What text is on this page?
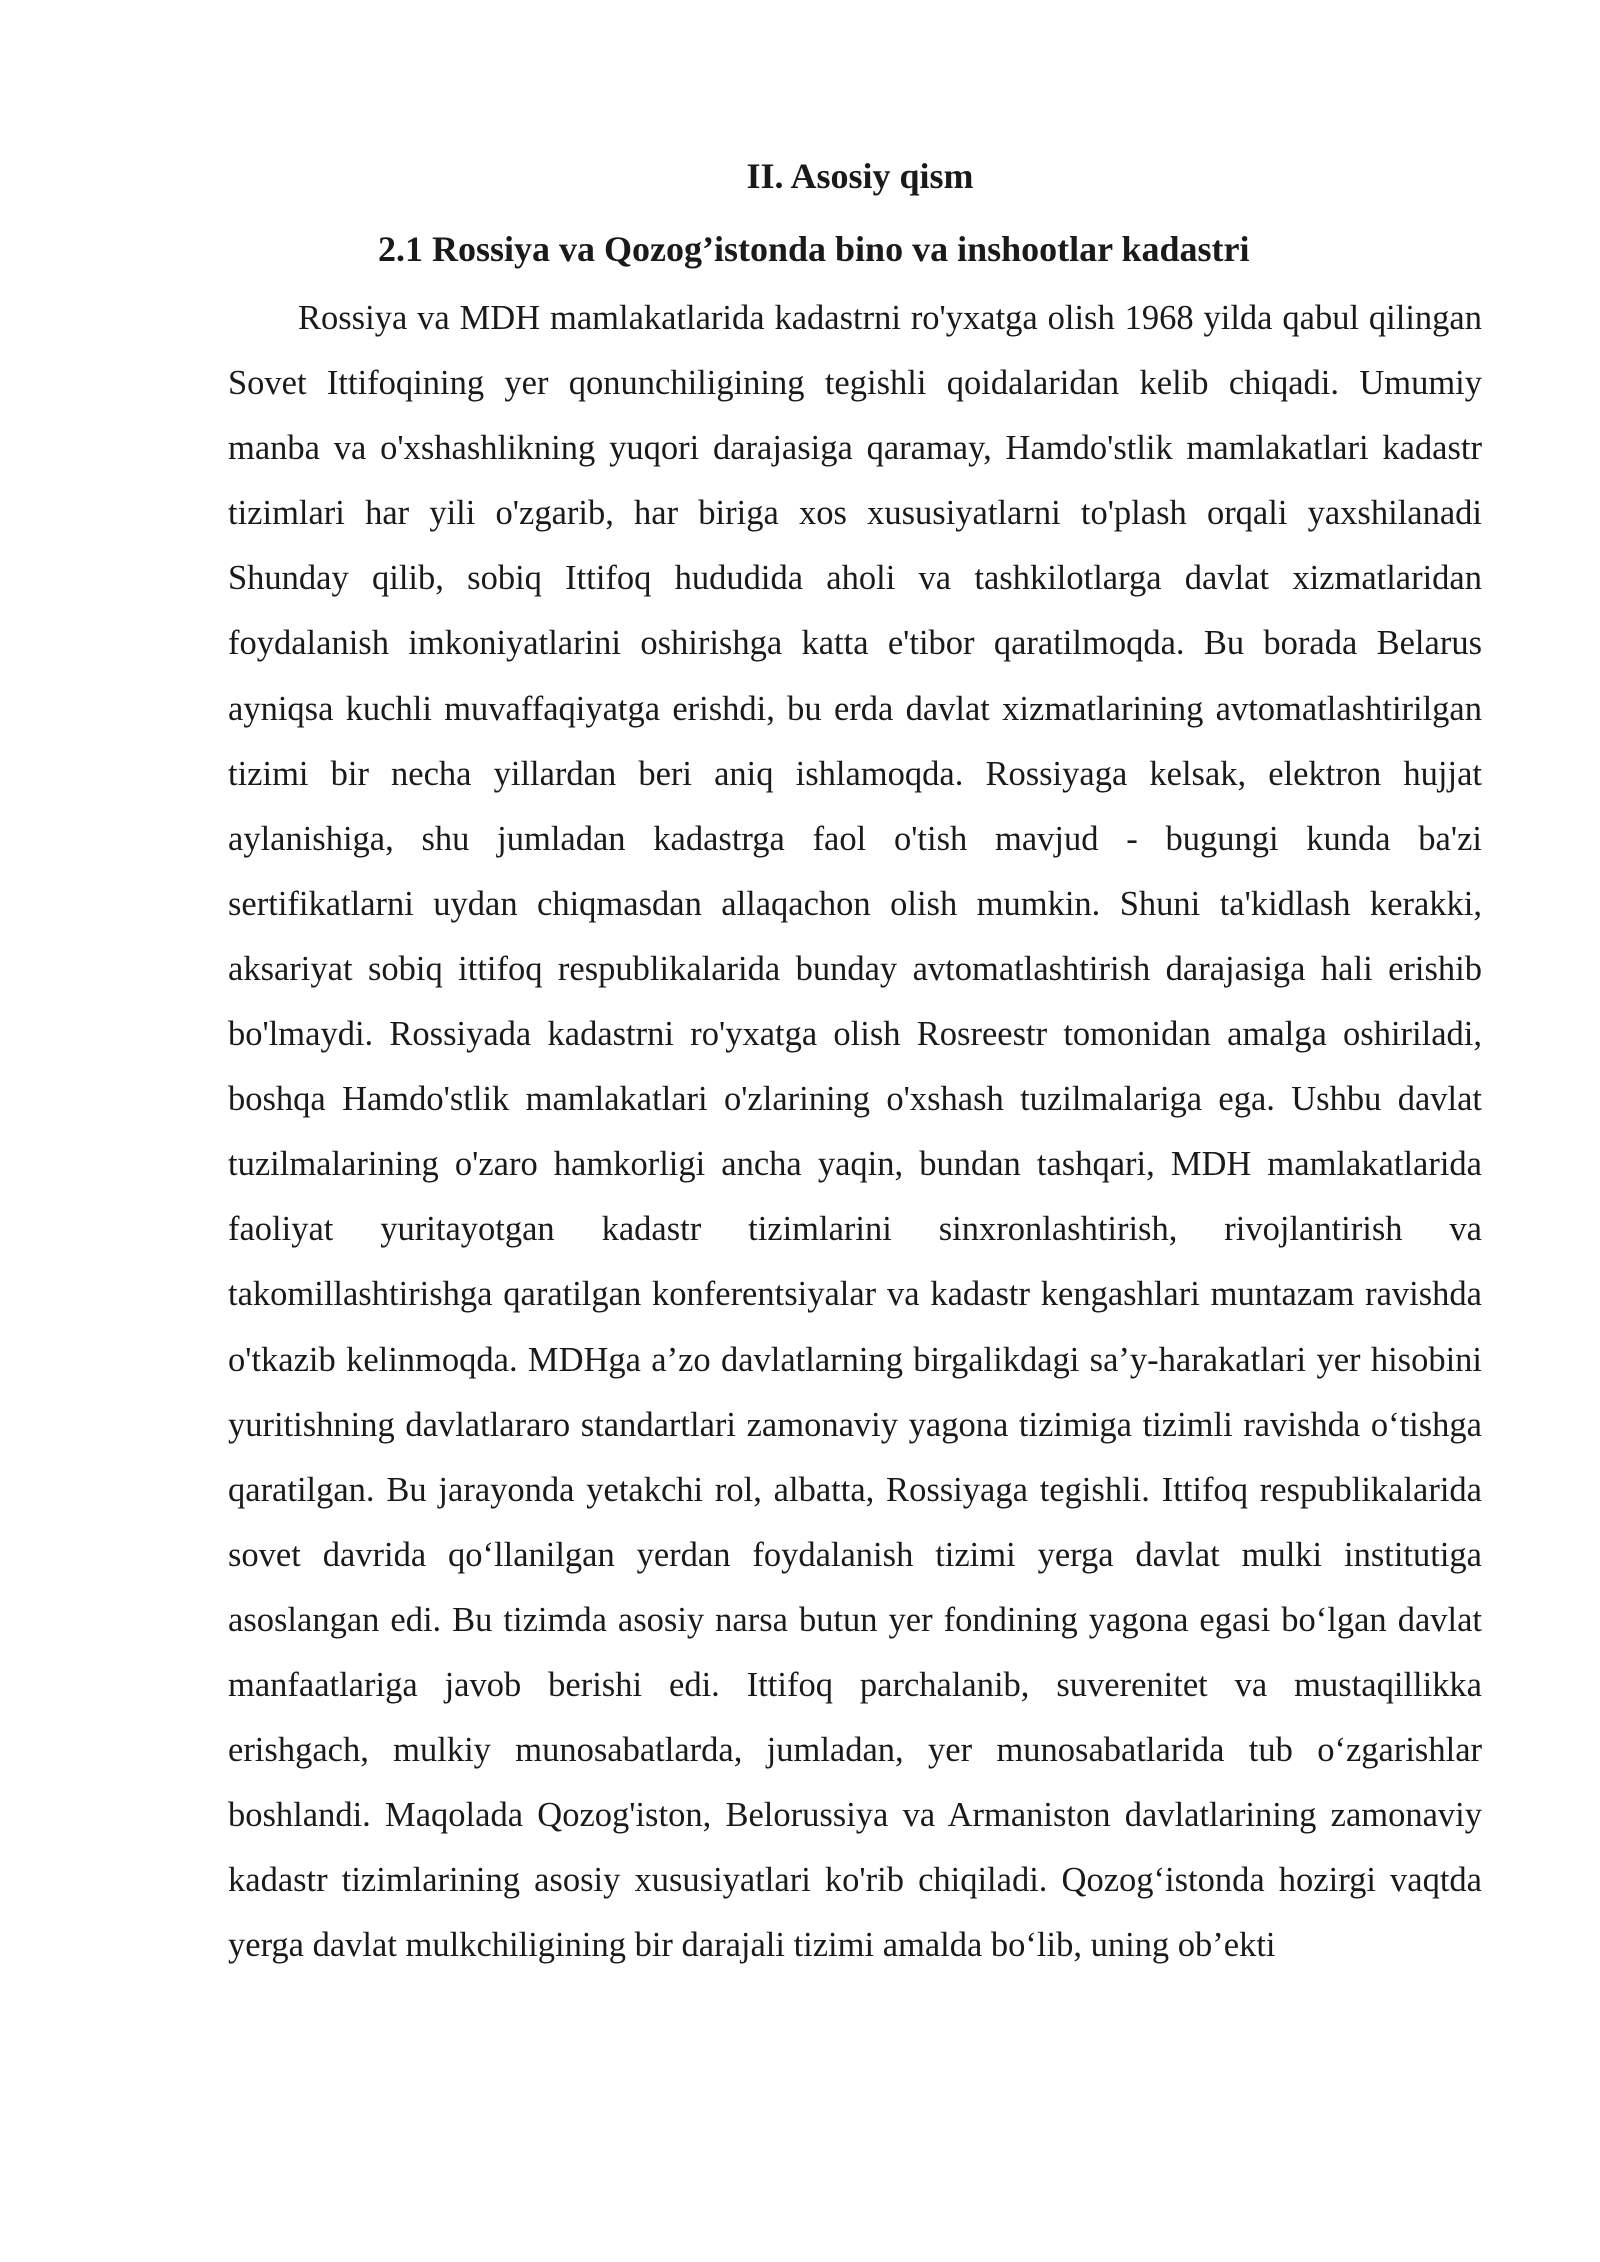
II. Asosiy qism
2.1 Rossiya va Qozog’istonda bino va inshootlar kadastri

Rossiya va MDH mamlakatlarida kadastrni ro'yxatga olish 1968 yilda qabul qilingan Sovet Ittifoqining yer qonunchiligining tegishli qoidalaridan kelib chiqadi. Umumiy manba va o'xshashlikning yuqori darajasiga qaramay, Hamdo'stlik mamlakatlari kadastr tizimlari har yili o'zgarib, har biriga xos xususiyatlarni to'plash orqali yaxshilanadi Shunday qilib, sobiq Ittifoq hududida aholi va tashkilotlarga davlat xizmatlaridan foydalanish imkoniyatlarini oshirishga katta e'tibor qaratilmoqda. Bu borada Belarus ayniqsa kuchli muvaffaqiyatga erishdi, bu erda davlat xizmatlarining avtomatlashtirilgan tizimi bir necha yillardan beri aniq ishlamoqda. Rossiyaga kelsak, elektron hujjat aylanishiga, shu jumladan kadastrga faol o'tish mavjud - bugungi kunda ba'zi sertifikatlarni uydan chiqmasdan allaqachon olish mumkin. Shuni ta'kidlash kerakki, aksariyat sobiq ittifoq respublikalarida bunday avtomatlashtirish darajasiga hali erishib bo'lmaydi. Rossiyada kadastrni ro'yxatga olish Rosreestr tomonidan amalga oshiriladi, boshqa Hamdo'stlik mamlakatlari o'zlarining o'xshash tuzilmalariga ega. Ushbu davlat tuzilmalarining o'zaro hamkorligi ancha yaqin, bundan tashqari, MDH mamlakatlarida faoliyat yuritayotgan kadastr tizimlarini sinxronlashtirish, rivojlantirish va takomillashtirishga qaratilgan konferentsiyalar va kadastr kengashlari muntazam ravishda o'tkazib kelinmoqda. MDHga a’zo davlatlarning birgalikdagi sa’y-harakatlari yer hisobini yuritishning davlatlararo standartlari zamonaviy yagona tizimiga tizimli ravishda o‘tishga qaratilgan. Bu jarayonda yetakchi rol, albatta, Rossiyaga tegishli. Ittifoq respublikalarida sovet davrida qo‘llanilgan yerdan foydalanish tizimi yerga davlat mulki institutiga asoslangan edi. Bu tizimda asosiy narsa butun yer fondining yagona egasi bo‘lgan davlat manfaatlariga javob berishi edi. Ittifoq parchalanib, suverenitet va mustaqillikka erishgach, mulkiy munosabatlarda, jumladan, yer munosabatlarida tub o‘zgarishlar boshlandi. Maqolada Qozog'iston, Belorussiya va Armaniston davlatlarining zamonaviy kadastr tizimlarining asosiy xususiyatlari ko'rib chiqiladi. Qozog‘istonda hozirgi vaqtda yerga davlat mulkchiligining bir darajali tizimi amalda bo‘lib, uning ob’ekti
